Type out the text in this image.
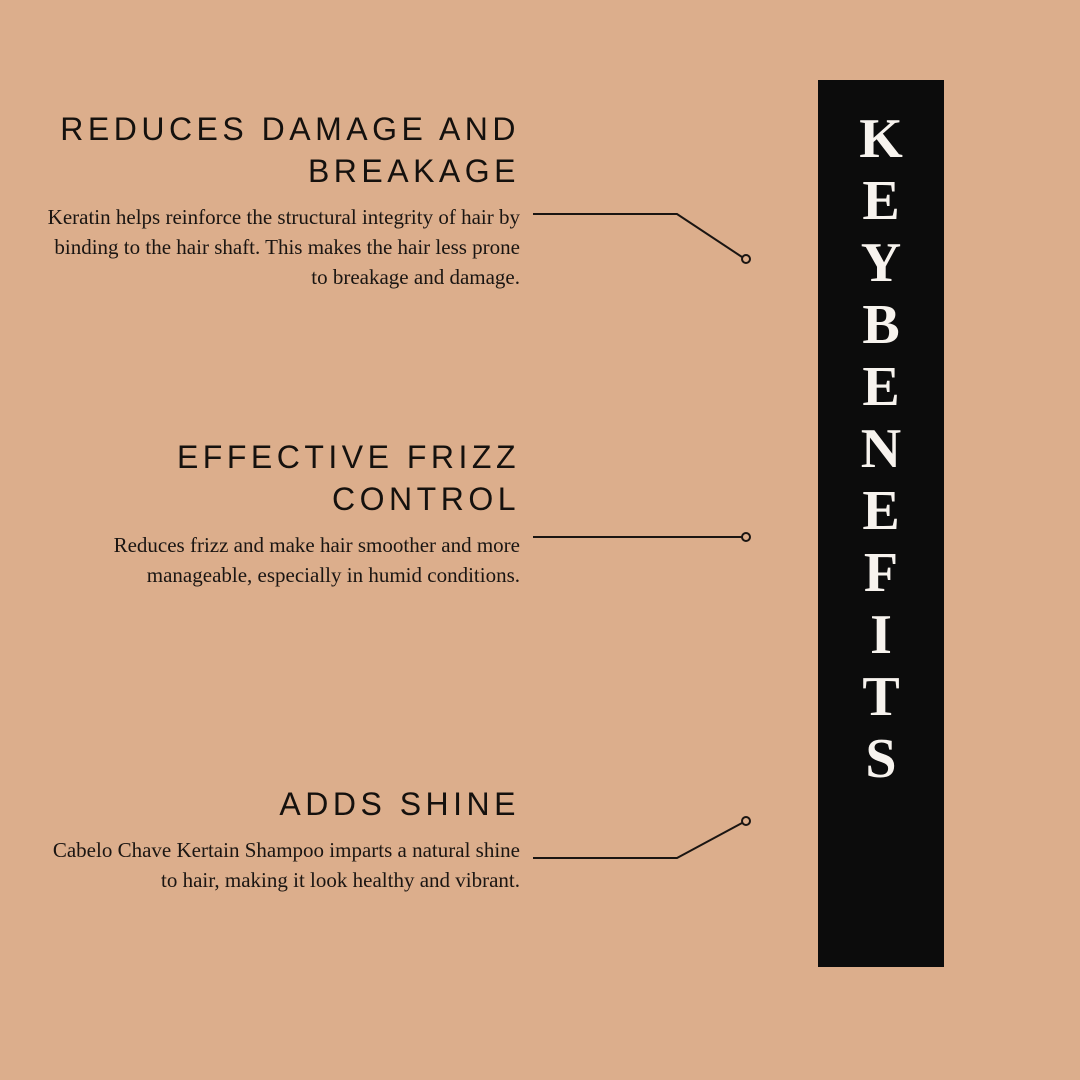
REDUCES DAMAGE AND BREAKAGE

Keratin helps reinforce the structural integrity of hair by binding to the hair shaft. This makes the hair less prone to breakage and damage.

EFFECTIVE FRIZZ CONTROL

Reduces frizz and make hair smoother and more manageable, especially in humid conditions.

ADDS SHINE

Cabelo Chave Kertain Shampoo imparts a natural shine to hair, making it look healthy and vibrant.

K
E
Y
B
E
N
E
F
I
T
S
